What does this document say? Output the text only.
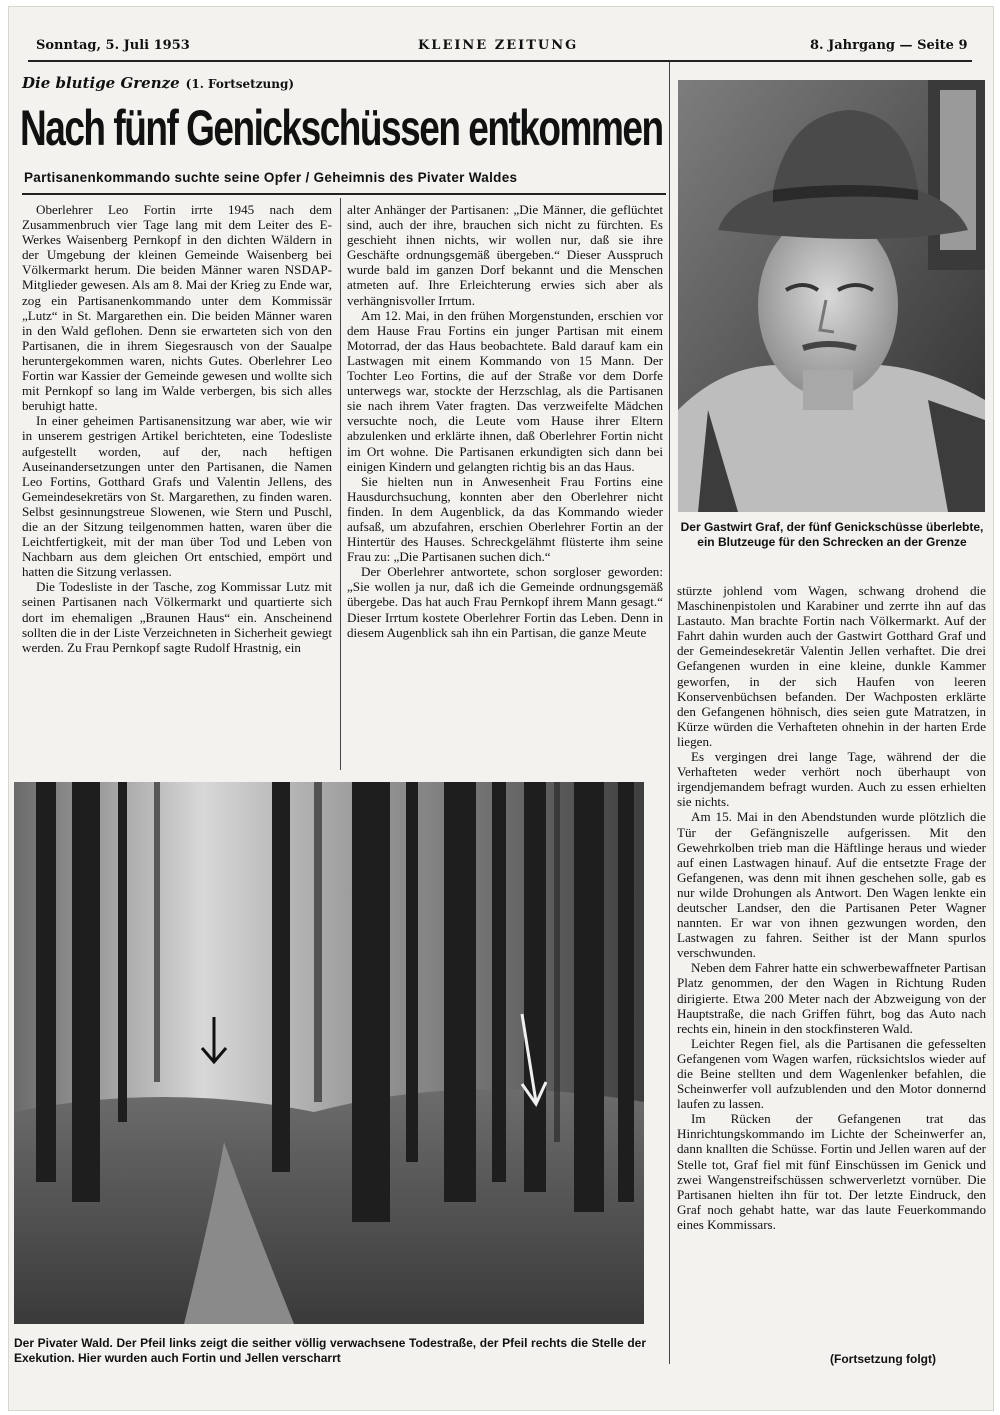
Sonntag, 5. Juli 1953	KLEINE ZEITUNG	8. Jahrgang — Seite 9
Die blutige Grenze (1. Fortsetzung)
Nach fünf Genickschüssen entkommen
Partisanenkommando suchte seine Opfer / Geheimnis des Pivater Waldes

Oberlehrer Leo Fortin irrte 1945 nach dem Zusammenbruch vier Tage lang mit dem Leiter des E-Werkes Waisenberg Pernkopf in den dichten Wäldern in der Umgebung der kleinen Gemeinde Waisenberg bei Völkermarkt herum. Die beiden Männer waren NSDAP-Mitglieder gewesen. Als am 8. Mai der Krieg zu Ende war, zog ein Partisanenkommando unter dem Kommissär „Lutz“ in St. Margarethen ein. Die beiden Männer waren in den Wald geflohen. Denn sie erwarteten sich von den Partisanen, die in ihrem Siegesrausch von der Saualpe heruntergekommen waren, nichts Gutes. Oberlehrer Leo Fortin war Kassier der Gemeinde gewesen und wollte sich mit Pernkopf so lang im Walde verbergen, bis sich alles beruhigt hatte.

In einer geheimen Partisanensitzung war aber, wie wir in unserem gestrigen Artikel berichteten, eine Todesliste aufgestellt worden, auf der, nach heftigen Auseinandersetzungen unter den Partisanen, die Namen Leo Fortins, Gotthard Grafs und Valentin Jellens, des Gemeindesekretärs von St. Margarethen, zu finden waren. Selbst gesinnungstreue Slowenen, wie Stern und Puschl, die an der Sitzung teilgenommen hatten, waren über die Leichtfertigkeit, mit der man über Tod und Leben von Nachbarn aus dem gleichen Ort entschied, empört und hatten die Sitzung verlassen.

Die Todesliste in der Tasche, zog Kommissar Lutz mit seinen Partisanen nach Völkermarkt und quartierte sich dort im ehemaligen „Braunen Haus“ ein. Anscheinend sollten die in der Liste Verzeichneten in Sicherheit gewiegt werden. Zu Frau Pernkopf sagte Rudolf Hrastnig, ein

alter Anhänger der Partisanen: „Die Männer, die geflüchtet sind, auch der ihre, brauchen sich nicht zu fürchten. Es geschieht ihnen nichts, wir wollen nur, daß sie ihre Geschäfte ordnungsgemäß übergeben.“ Dieser Ausspruch wurde bald im ganzen Dorf bekannt und die Menschen atmeten auf. Ihre Erleichterung erwies sich aber als verhängnisvoller Irrtum.

Am 12. Mai, in den frühen Morgenstunden, erschien vor dem Hause Frau Fortins ein junger Partisan mit einem Motorrad, der das Haus beobachtete. Bald darauf kam ein Lastwagen mit einem Kommando von 15 Mann. Der Tochter Leo Fortins, die auf der Straße vor dem Dorfe unterwegs war, stockte der Herzschlag, als die Partisanen sie nach ihrem Vater fragten. Das verzweifelte Mädchen versuchte noch, die Leute vom Hause ihrer Eltern abzulenken und erklärte ihnen, daß Oberlehrer Fortin nicht im Ort wohne. Die Partisanen erkundigten sich dann bei einigen Kindern und gelangten richtig bis an das Haus.

Sie hielten nun in Anwesenheit Frau Fortins eine Hausdurchsuchung, konnten aber den Oberlehrer nicht finden. In dem Augenblick, da das Kommando wieder aufsaß, um abzufahren, erschien Oberlehrer Fortin an der Hintertür des Hauses. Schreckgelähmt flüsterte ihm seine Frau zu: „Die Partisanen suchen dich.“

Der Oberlehrer antwortete, schon sorgloser geworden: „Sie wollen ja nur, daß ich die Gemeinde ordnungsgemäß übergebe. Das hat auch Frau Pernkopf ihrem Mann gesagt.“ Dieser Irrtum kostete Oberlehrer Fortin das Leben. Denn in diesem Augenblick sah ihn ein Partisan, die ganze Meute

Der Gastwirt Graf, der fünf Genickschüsse überlebte, ein Blutzeuge für den Schrecken an der Grenze

stürzte johlend vom Wagen, schwang drohend die Maschinenpistolen und Karabiner und zerrte ihn auf das Lastauto. Man brachte Fortin nach Völkermarkt. Auf der Fahrt dahin wurden auch der Gastwirt Gotthard Graf und der Gemeindesekretär Valentin Jellen verhaftet. Die drei Gefangenen wurden in eine kleine, dunkle Kammer geworfen, in der sich Haufen von leeren Konservenbüchsen befanden. Der Wachposten erklärte den Gefangenen höhnisch, dies seien gute Matratzen, in Kürze würden die Verhafteten ohnehin in der harten Erde liegen.

Es vergingen drei lange Tage, während der die Verhafteten weder verhört noch überhaupt von irgendjemandem befragt wurden. Auch zu essen erhielten sie nichts.

Am 15. Mai in den Abendstunden wurde plötzlich die Tür der Gefängniszelle aufgerissen. Mit den Gewehrkolben trieb man die Häftlinge heraus und wieder auf einen Lastwagen hinauf. Auf die entsetzte Frage der Gefangenen, was denn mit ihnen geschehen solle, gab es nur wilde Drohungen als Antwort. Den Wagen lenkte ein deutscher Landser, den die Partisanen Peter Wagner nannten. Er war von ihnen gezwungen worden, den Lastwagen zu fahren. Seither ist der Mann spurlos verschwunden.

Neben dem Fahrer hatte ein schwerbewaffneter Partisan Platz genommen, der den Wagen in Richtung Ruden dirigierte. Etwa 200 Meter nach der Abzweigung von der Hauptstraße, die nach Griffen führt, bog das Auto nach rechts ein, hinein in den stockfinsteren Wald.

Leichter Regen fiel, als die Partisanen die gefesselten Gefangenen vom Wagen warfen, rücksichtslos wieder auf die Beine stellten und dem Wagenlenker befahlen, die Scheinwerfer voll aufzublenden und den Motor donnernd laufen zu lassen.

Im Rücken der Gefangenen trat das Hinrichtungskommando im Lichte der Scheinwerfer an, dann knallten die Schüsse. Fortin und Jellen waren auf der Stelle tot, Graf fiel mit fünf Einschüssen im Genick und zwei Wangenstreifschüssen schwerverletzt vornüber. Die Partisanen hielten ihn für tot. Der letzte Eindruck, den Graf noch gehabt hatte, war das laute Feuerkommando eines Kommissars.

(Fortsetzung folgt)
Der Pivater Wald. Der Pfeil links zeigt die seither völlig verwachsene Todestraße, der Pfeil rechts die Stelle der Exekution. Hier wurden auch Fortin und Jellen verscharrt
